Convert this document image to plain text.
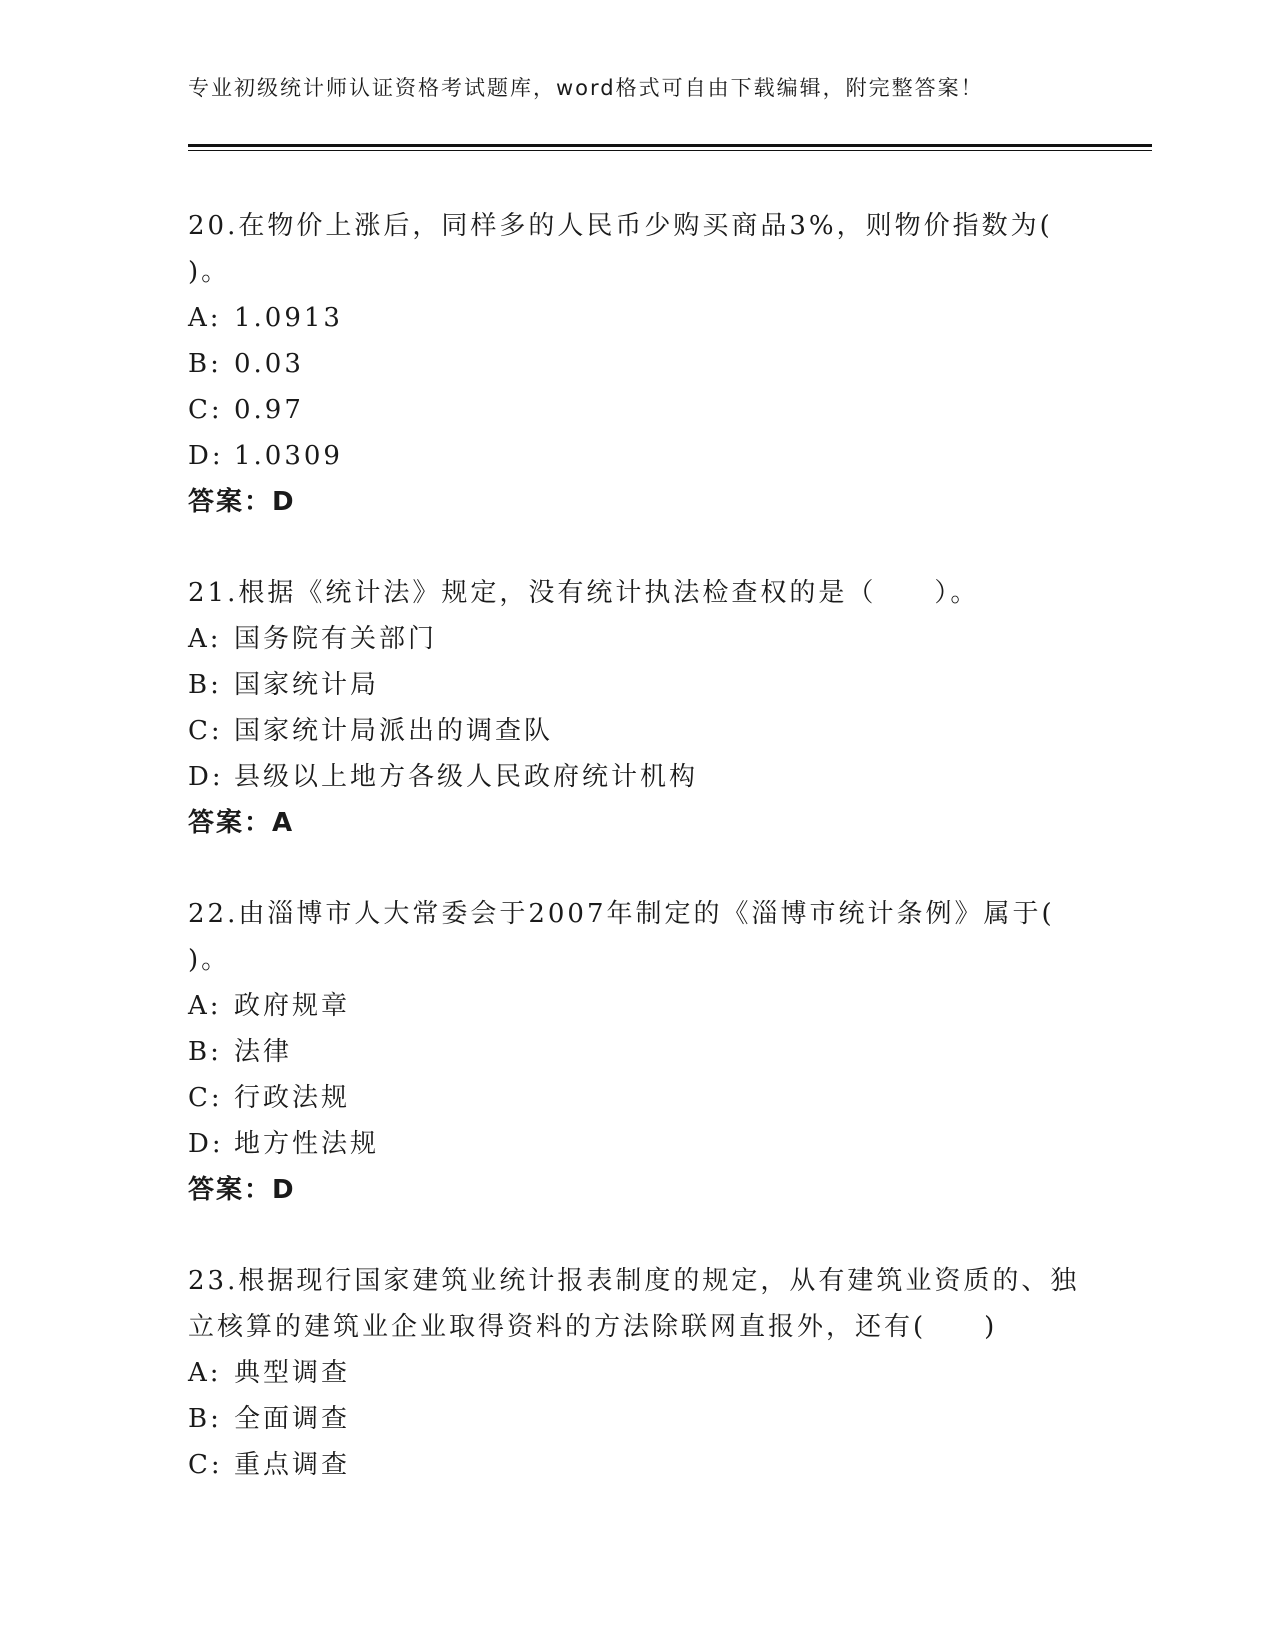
专业初级统计师认证资格考试题库，word格式可自由下载编辑，附完整答案！

20.在物价上涨后，同样多的人民币少购买商品3%，则物价指数为(
)。

A: 1.0913

B: 0.03

C: 0.97

D: 1.0309

答案：D

21.根据《统计法》规定，没有统计执法检查权的是（　　）。

A: 国务院有关部门

B: 国家统计局

C: 国家统计局派出的调查队

D: 县级以上地方各级人民政府统计机构

答案：A

22.由淄博市人大常委会于2007年制定的《淄博市统计条例》属于(
)。

A: 政府规章

B: 法律

C: 行政法规

D: 地方性法规

答案：D

23.根据现行国家建筑业统计报表制度的规定，从有建筑业资质的、独
立核算的建筑业企业取得资料的方法除联网直报外，还有(　　)

A: 典型调查

B: 全面调查

C: 重点调查
